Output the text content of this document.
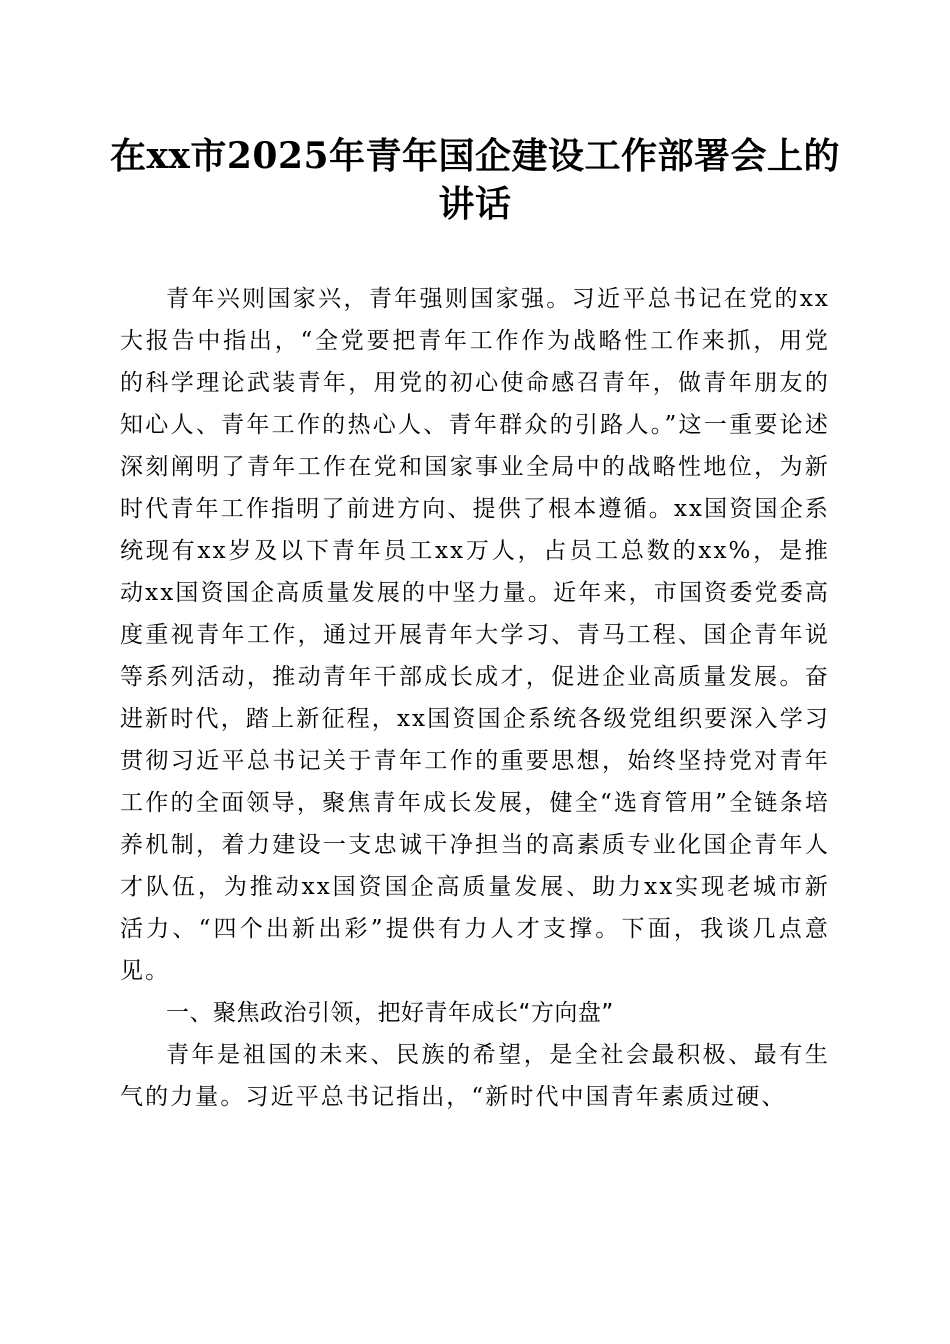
在xx市2025年青年国企建设工作部署会上的讲话

青年兴则国家兴，青年强则国家强。习近平总书记在党的xx大报告中指出，“全党要把青年工作作为战略性工作来抓，用党的科学理论武装青年，用党的初心使命感召青年，做青年朋友的知心人、青年工作的热心人、青年群众的引路人。”这一重要论述深刻阐明了青年工作在党和国家事业全局中的战略性地位，为新时代青年工作指明了前进方向、提供了根本遵循。xx国资国企系统现有xx岁及以下青年员工xx万人，占员工总数的xx%，是推动xx国资国企高质量发展的中坚力量。近年来，市国资委党委高度重视青年工作，通过开展青年大学习、青马工程、国企青年说等系列活动，推动青年干部成长成才，促进企业高质量发展。奋进新时代，踏上新征程，xx国资国企系统各级党组织要深入学习贯彻习近平总书记关于青年工作的重要思想，始终坚持党对青年工作的全面领导，聚焦青年成长发展，健全“选育管用”全链条培养机制，着力建设一支忠诚干净担当的高素质专业化国企青年人才队伍，为推动xx国资国企高质量发展、助力xx实现老城市新活力、“四个出新出彩”提供有力人才支撑。下面，我谈几点意见。

一、聚焦政治引领，把好青年成长“方向盘”

青年是祖国的未来、民族的希望，是全社会最积极、最有生气的力量。习近平总书记指出，“新时代中国青年素质过硬、
